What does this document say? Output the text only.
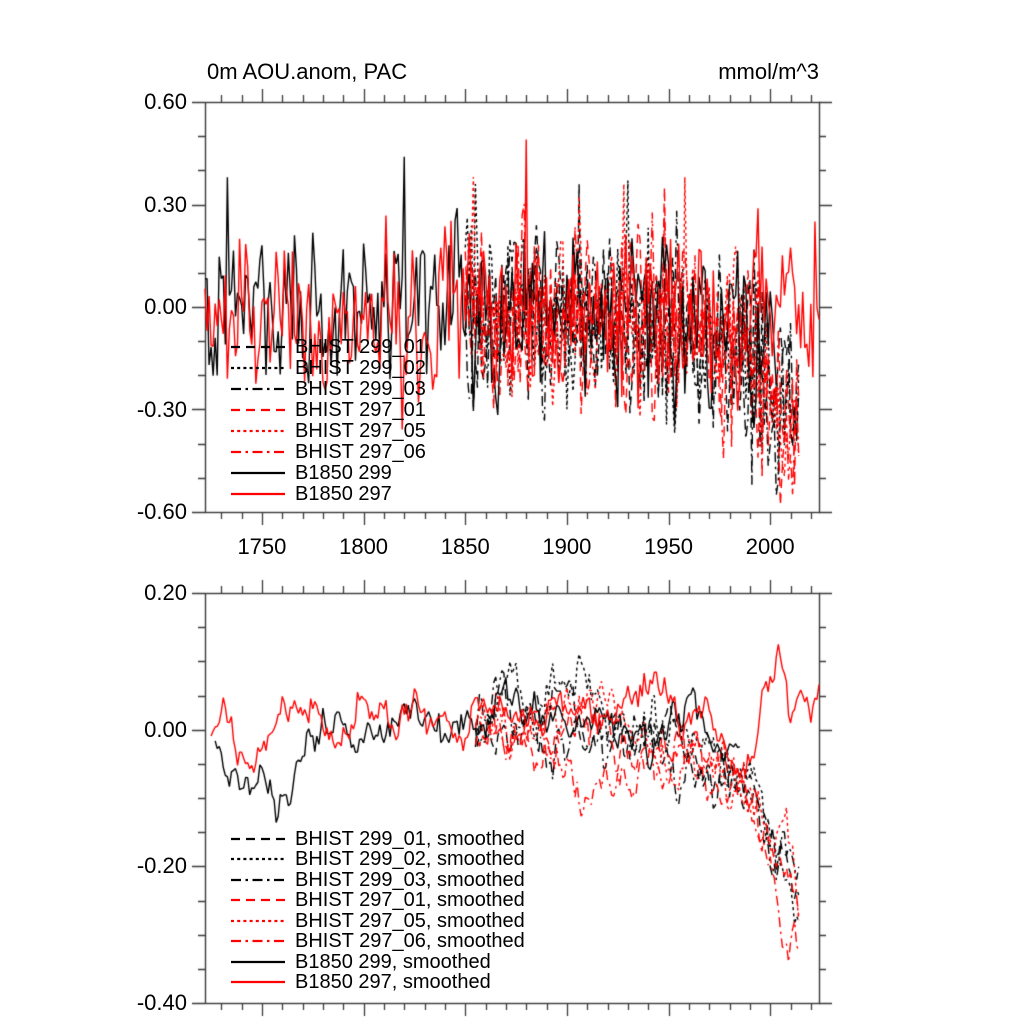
0m AOU.anom, PAC	mmol/m^3
0.60
0.30
0.00
-0.30
-0.60
1750	1800	1850	1900	1950	2000
0.20
0.00
-0.20
-0.40
BHIST 299_01
BHIST 299_02
BHIST 299_03
BHIST 297_01
BHIST 297_05
BHIST 297_06
B1850 299
B1850 297
BHIST 299_01, smoothed
BHIST 299_02, smoothed
BHIST 299_03, smoothed
BHIST 297_01, smoothed
BHIST 297_05, smoothed
BHIST 297_06, smoothed
B1850 299, smoothed
B1850 297, smoothed
